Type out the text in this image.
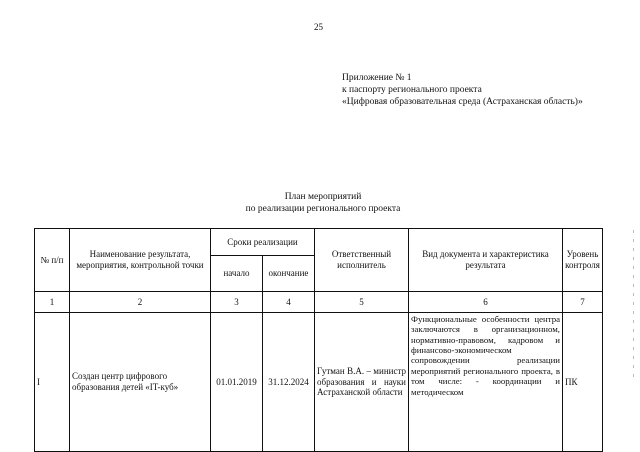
25
Приложение № 1
к паспорту регионального проекта
«Цифровая образовательная среда (Астраханская область)»
План мероприятий
по реализации регионального проекта
№ п/п	Наименование результата, мероприятия, контрольной точки	Сроки реализации		Ответственный исполнитель	Вид документа и характеристика результата	Уровень контроля
		начало	окончание			
1	2	3	4	5	6	7
I	Создан центр цифрового образования детей «IT-куб»	01.01.2019	31.12.2024	Гутман В.А. – министр образования и науки Астраханской области	Функциональные особенности центра заключаются в организационном, нормативно-правовом, кадровом и финансово-экономическом сопровождении реализации мероприятий регионального проекта, в том числе: - координации и методическом	ПК
